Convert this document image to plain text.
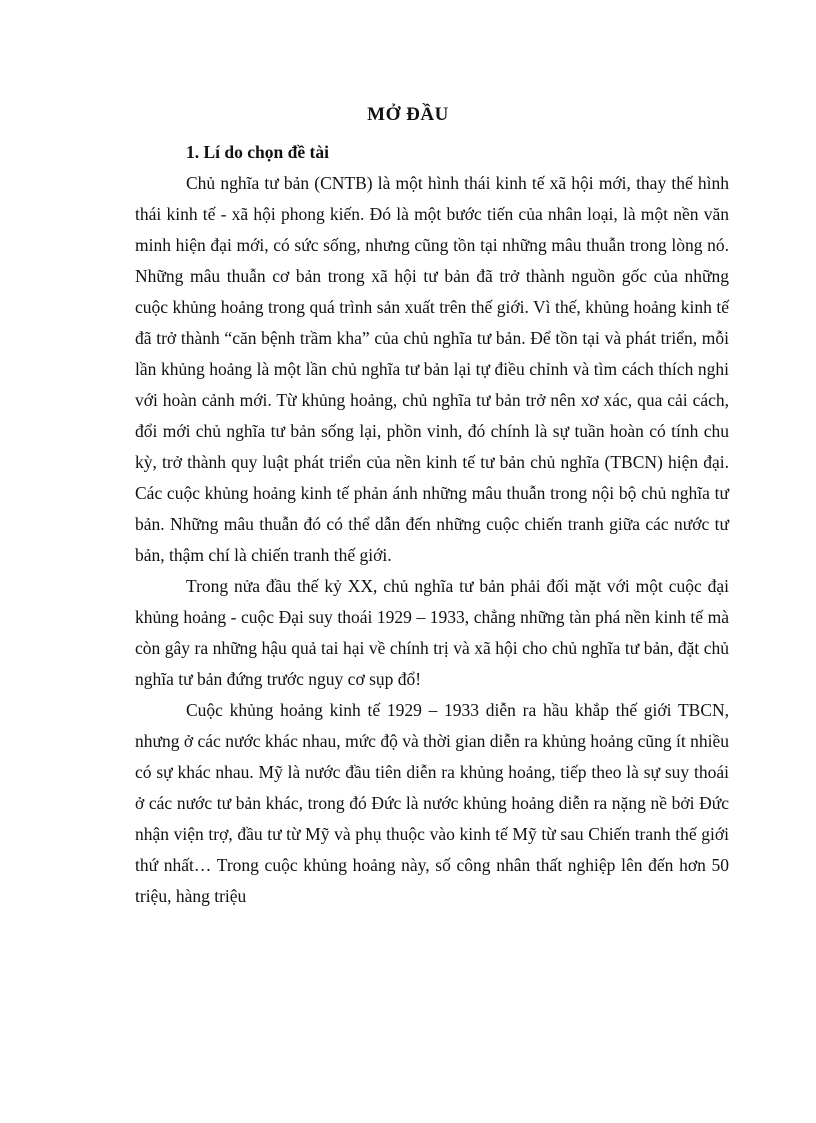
MỞ ĐẦU
1. Lí do chọn đề tài

Chủ nghĩa tư bản (CNTB) là một hình thái kinh tế xã hội mới, thay thế hình thái kinh tế - xã hội phong kiến. Đó là một bước tiến của nhân loại, là một nền văn minh hiện đại mới, có sức sống, nhưng cũng tồn tại những mâu thuẫn trong lòng nó. Những mâu thuẫn cơ bản trong xã hội tư bản đã trở thành nguồn gốc của những cuộc khủng hoảng trong quá trình sản xuất trên thế giới. Vì thế, khủng hoảng kinh tế đã trở thành “căn bệnh trầm kha” của chủ nghĩa tư bản. Để tồn tại và phát triển, mỗi lần khủng hoảng là một lần chủ nghĩa tư bản lại tự điều chỉnh và tìm cách thích nghi với hoàn cảnh mới. Từ khủng hoảng, chủ nghĩa tư bản trở nên xơ xác, qua cải cách, đổi mới chủ nghĩa tư bản sống lại, phồn vinh, đó chính là sự tuần hoàn có tính chu kỳ, trở thành quy luật phát triển của nền kinh tế tư bản chủ nghĩa (TBCN) hiện đại. Các cuộc khủng hoảng kinh tế phản ánh những mâu thuẫn trong nội bộ chủ nghĩa tư bản. Những mâu thuẫn đó có thể dẫn đến những cuộc chiến tranh giữa các nước tư bản, thậm chí là chiến tranh thế giới.

Trong nửa đầu thế kỷ XX, chủ nghĩa tư bản phải đối mặt với một cuộc đại khủng hoảng - cuộc Đại suy thoái 1929 – 1933, chẳng những tàn phá nền kinh tế mà còn gây ra những hậu quả tai hại về chính trị và xã hội cho chủ nghĩa tư bản, đặt chủ nghĩa tư bản đứng trước nguy cơ sụp đổ!

Cuộc khủng hoảng kinh tế 1929 – 1933 diễn ra hầu khắp thế giới TBCN, nhưng ở các nước khác nhau, mức độ và thời gian diễn ra khủng hoảng cũng ít nhiều có sự khác nhau. Mỹ là nước đầu tiên diễn ra khủng hoảng, tiếp theo là sự suy thoái ở các nước tư bản khác, trong đó Đức là nước khủng hoảng diễn ra nặng nề bởi Đức nhận viện trợ, đầu tư từ Mỹ và phụ thuộc vào kinh tế Mỹ từ sau Chiến tranh thế giới thứ nhất… Trong cuộc khủng hoảng này, số công nhân thất nghiệp lên đến hơn 50 triệu, hàng triệu
